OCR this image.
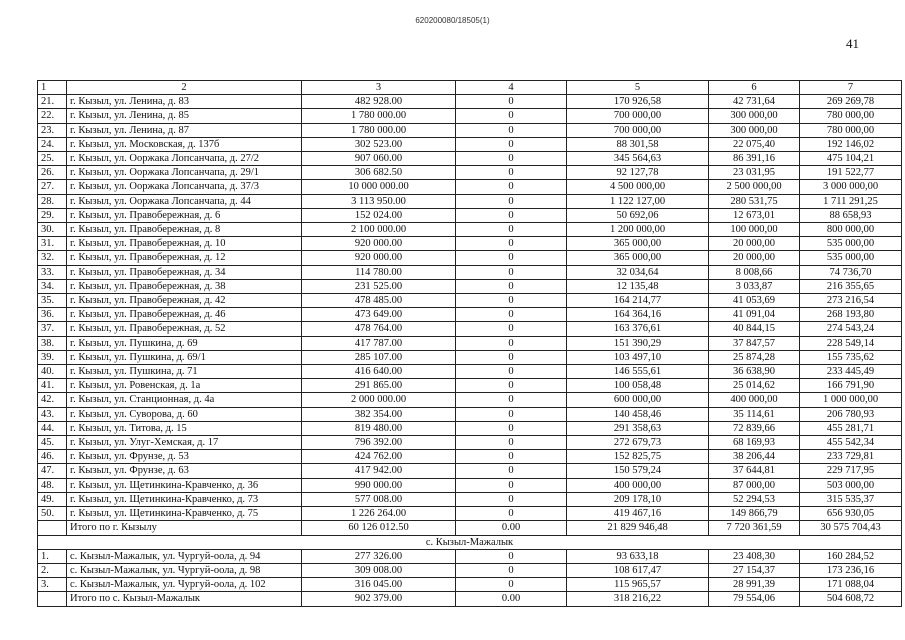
620200080/18505(1)
41
1	2	3	4	5	6	7
21.	г. Кызыл, ул. Ленина, д. 83	482 928.00	0	170 926,58	42 731,64	269 269,78
22.	г. Кызыл, ул. Ленина, д. 85	1 780 000.00	0	700 000,00	300 000,00	780 000,00
23.	г. Кызыл, ул. Ленина, д. 87	1 780 000.00	0	700 000,00	300 000,00	780 000,00
24.	г. Кызыл, ул. Московская, д. 137б	302 523.00	0	88 301,58	22 075,40	192 146,02
25.	г. Кызыл, ул. Ооржака Лопсанчапа, д. 27/2	907 060.00	0	345 564,63	86 391,16	475 104,21
26.	г. Кызыл, ул. Ооржака Лопсанчапа, д. 29/1	306 682.50	0	92 127,78	23 031,95	191 522,77
27.	г. Кызыл, ул. Ооржака Лопсанчапа, д. 37/3	10 000 000.00	0	4 500 000,00	2 500 000,00	3 000 000,00
28.	г. Кызыл, ул. Ооржака Лопсанчапа, д. 44	3 113 950.00	0	1 122 127,00	280 531,75	1 711 291,25
29.	г. Кызыл, ул. Правобережная, д. 6	152 024.00	0	50 692,06	12 673,01	88 658,93
30.	г. Кызыл, ул. Правобережная, д. 8	2 100 000.00	0	1 200 000,00	100 000,00	800 000,00
31.	г. Кызыл, ул. Правобережная, д. 10	920 000.00	0	365 000,00	20 000,00	535 000,00
32.	г. Кызыл, ул. Правобережная, д. 12	920 000.00	0	365 000,00	20 000,00	535 000,00
33.	г. Кызыл, ул. Правобережная, д. 34	114 780.00	0	32 034,64	8 008,66	74 736,70
34.	г. Кызыл, ул. Правобережная, д. 38	231 525.00	0	12 135,48	3 033,87	216 355,65
35.	г. Кызыл, ул. Правобережная, д. 42	478 485.00	0	164 214,77	41 053,69	273 216,54
36.	г. Кызыл, ул. Правобережная, д. 46	473 649.00	0	164 364,16	41 091,04	268 193,80
37.	г. Кызыл, ул. Правобережная, д. 52	478 764.00	0	163 376,61	40 844,15	274 543,24
38.	г. Кызыл, ул. Пушкина, д. 69	417 787.00	0	151 390,29	37 847,57	228 549,14
39.	г. Кызыл, ул. Пушкина, д. 69/1	285 107.00	0	103 497,10	25 874,28	155 735,62
40.	г. Кызыл, ул. Пушкина, д. 71	416 640.00	0	146 555,61	36 638,90	233 445,49
41.	г. Кызыл, ул. Ровенская, д. 1а	291 865.00	0	100 058,48	25 014,62	166 791,90
42.	г. Кызыл, ул. Станционная, д. 4а	2 000 000.00	0	600 000,00	400 000,00	1 000 000,00
43.	г. Кызыл, ул. Суворова, д. 60	382 354.00	0	140 458,46	35 114,61	206 780,93
44.	г. Кызыл, ул. Титова, д. 15	819 480.00	0	291 358,63	72 839,66	455 281,71
45.	г. Кызыл, ул. Улуг-Хемская, д. 17	796 392.00	0	272 679,73	68 169,93	455 542,34
46.	г. Кызыл, ул. Фрунзе, д. 53	424 762.00	0	152 825,75	38 206,44	233 729,81
47.	г. Кызыл, ул. Фрунзе, д. 63	417 942.00	0	150 579,24	37 644,81	229 717,95
48.	г. Кызыл, ул. Щетинкина-Кравченко, д. 36	990 000.00	0	400 000,00	87 000,00	503 000,00
49.	г. Кызыл, ул. Щетинкина-Кравченко, д. 73	577 008.00	0	209 178,10	52 294,53	315 535,37
50.	г. Кызыл, ул. Щетинкина-Кравченко, д. 75	1 226 264.00	0	419 467,16	149 866,79	656 930,05
	Итого по г. Кызылу	60 126 012.50	0.00	21 829 946,48	7 720 361,59	30 575 704,43
с. Кызыл-Мажалык						
1.	с. Кызыл-Мажалык, ул. Чургуй-оола, д. 94	277 326.00	0	93 633,18	23 408,30	160 284,52
2.	с. Кызыл-Мажалык, ул. Чургуй-оола, д. 98	309 008.00	0	108 617,47	27 154,37	173 236,16
3.	с. Кызыл-Мажалык, ул. Чургуй-оола, д. 102	316 045.00	0	115 965,57	28 991,39	171 088,04
	Итого по с. Кызыл-Мажалык	902 379.00	0.00	318 216,22	79 554,06	504 608,72
